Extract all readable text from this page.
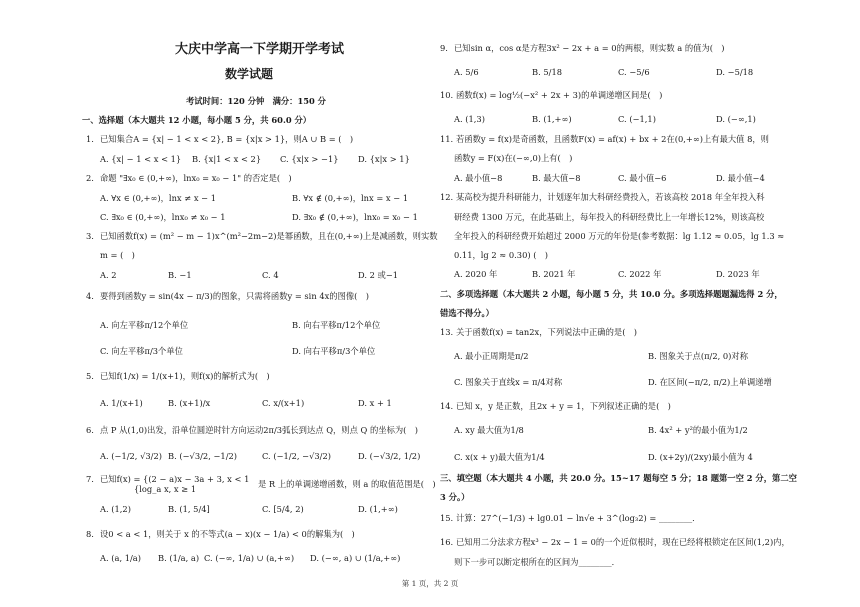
大庆中学高一下学期开学考试
数学试题
考试时间：120 分钟　满分：150 分
一、选择题（本大题共 12 小题，每小题 5 分，共 60.0 分）
1. 已知集合A = {x| − 1 < x < 2}, B = {x|x > 1}，则A ∪ B = (　)
A. {x| − 1 < x < 1} B. {x|1 < x < 2} C. {x|x > −1} D. {x|x > 1}
2. 命题 "∃x₀ ∈ (0,+∞)，lnx₀ = x₀ − 1" 的否定是(　)
A. ∀x ∈ (0,+∞)，lnx ≠ x − 1	B. ∀x ∉ (0,+∞)，lnx = x − 1
C. ∃x₀ ∈ (0,+∞)，lnx₀ ≠ x₀ − 1	D. ∃x₀ ∉ (0,+∞)，lnx₀ = x₀ − 1
3. 已知函数f(x) = (m² − m − 1)x^(m²−2m−2)是幂函数，且在(0,+∞)上是减函数，则实数
m = (　)
A. 2	B. −1	C. 4	D. 2 或−1
4. 要得到函数y = sin(4x − π/3)的图象，只需将函数y = sin 4x的图像(　)
A. 向左平移π/12个单位	B. 向右平移π/12个单位
C. 向左平移π/3个单位	D. 向右平移π/3个单位
5. 已知f(1/x) = 1/(x+1)，则f(x)的解析式为(　)
A. 1/(x+1)	B. (x+1)/x	C. x/(x+1)	D. x + 1
6. 点 P 从(1,0)出发，沿单位圆逆时针方向运动2π/3弧长到达点 Q，则点 Q 的坐标为(　)
A. (−1/2, √3/2) B. (−√3/2, −1/2)	C. (−1/2, −√3/2)	D. (−√3/2, 1/2)
7. 已知f(x) = {(2 − a)x − 3a + 3, x < 1
{log_a x, x ≥ 1	是 R 上的单调递增函数，则 a 的取值范围是(　)
A. (1,2)	B. (1, 5/4]	C. [5/4, 2)	D. (1,+∞)
8. 设0 < a < 1，则关于 x 的不等式(a − x)(x − 1/a) < 0的解集为(　)
A. (a, 1/a) B. (1/a, a) C. (−∞, 1/a) ∪ (a,+∞) D. (−∞, a) ∪ (1/a,+∞)
9. 已知sin α，cos α是方程3x² − 2x + a = 0的两根，则实数 a 的值为(　)
A. 5/6	B. 5/18	C. −5/6	D. −5/18
10. 函数f(x) = log½(−x² + 2x + 3)的单调递增区间是(　)
A. (1,3)	B. (1,+∞)	C. (−1,1)	D. (−∞,1)
11. 若函数y = f(x)是奇函数，且函数F(x) = af(x) + bx + 2在(0,+∞)上有最大值 8，则
函数y = F(x)在(−∞,0)上有(　)
A. 最小值−8	B. 最大值−8	C. 最小值−6	D. 最小值−4
12. 某高校为提升科研能力，计划逐年加大科研经费投入，若该高校 2018 年全年投入科
研经费 1300 万元，在此基础上，每年投入的科研经费比上一年增长12%，则该高校
全年投入的科研经费开始超过 2000 万元的年份是(参考数据：lg 1.12 ≈ 0.05，lg 1.3 ≈
0.11，lg 2 ≈ 0.30) (　)
A. 2020 年	B. 2021 年	C. 2022 年	D. 2023 年
二、多项选择题（本大题共 2 小题，每小题 5 分，共 10.0 分。多项选择题题漏选得 2 分，
错选不得分。）
13. 关于函数f(x) = tan2x，下列说法中正确的是(　)
A. 最小正周期是π/2	B. 图象关于点(π/2, 0)对称
C. 图象关于直线x = π/4对称	D. 在区间(−π/2, π/2)上单调递增
14. 已知 x，y 是正数，且2x + y = 1，下列叙述正确的是(　)
A. xy 最大值为1/8	B. 4x² + y²的最小值为1/2
C. x(x + y)最大值为1/4	D. (x+2y)/(2xy)最小值为 4
三、填空题（本大题共 4 小题，共 20.0 分。15~17 题每空 5 分；18 题第一空 2 分，第二空
3 分。）
15. 计算：27^(−1/3) + lg0.01 − ln√e + 3^(log₃2) = ________．
16. 已知用二分法求方程x³ − 2x − 1 = 0的一个近似根时，现在已经将根锁定在区间(1,2)内，
则下一步可以断定根所在的区间为________．
第 1 页，共 2 页
